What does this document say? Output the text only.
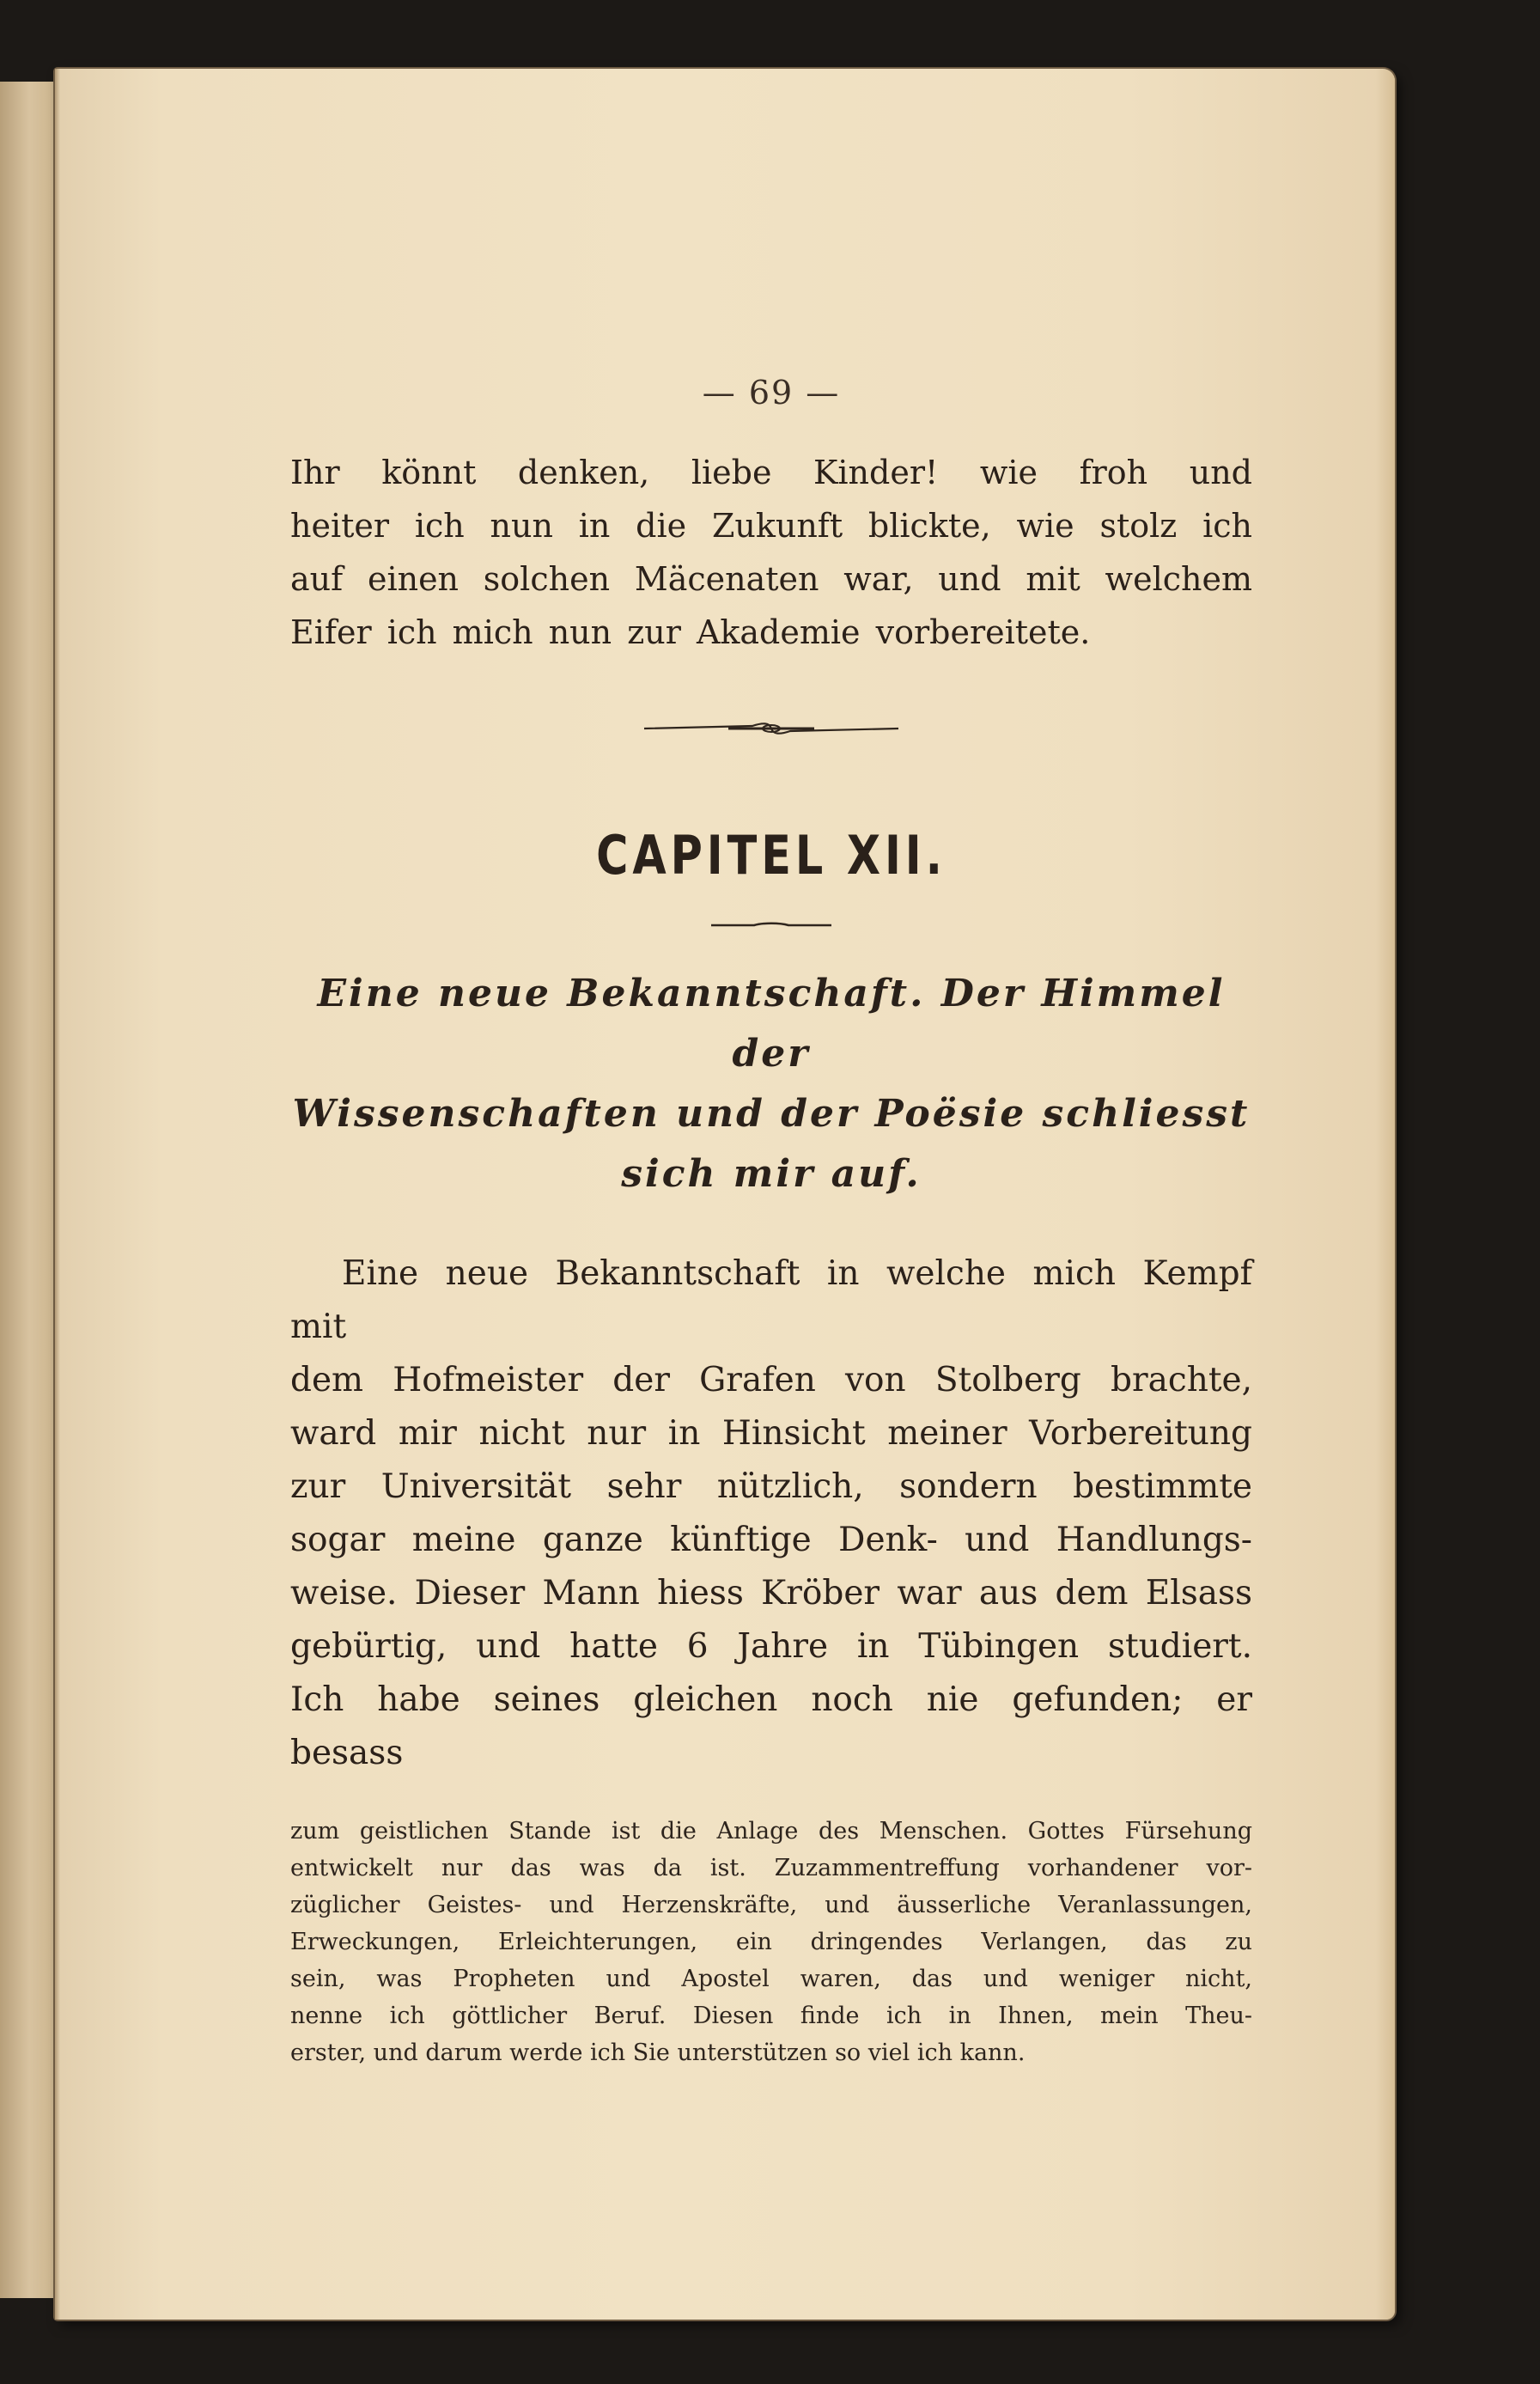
— 69 —

Ihr könnt denken, liebe Kinder! wie froh und
heiter ich nun in die Zukunft blickte, wie stolz ich
auf einen solchen Mäcenaten war, und mit welchem
Eifer ich mich nun zur Akademie vorbereitete.

CAPITEL XII.
Eine neue Bekanntschaft. Der Himmel der
Wissenschaften und der Poësie schliesst
sich mir auf.

Eine neue Bekanntschaft in welche mich Kempf mit
dem Hofmeister der Grafen von Stolberg brachte,
ward mir nicht nur in Hinsicht meiner Vorbereitung
zur Universität sehr nützlich, sondern bestimmte
sogar meine ganze künftige Denk- und Handlungs-
weise. Dieser Mann hiess Kröber war aus dem Elsass
gebürtig, und hatte 6 Jahre in Tübingen studiert.
Ich habe seines gleichen noch nie gefunden; er besass

zum geistlichen Stande ist die Anlage des Menschen. Gottes Fürsehung
entwickelt nur das was da ist. Zuzammentreffung vorhandener vor-
züglicher Geistes- und Herzenskräfte, und äusserliche Veranlassungen,
Erweckungen, Erleichterungen, ein dringendes Verlangen, das zu
sein, was Propheten und Apostel waren, das und weniger nicht,
nenne ich göttlicher Beruf. Diesen finde ich in Ihnen, mein Theu-
erster, und darum werde ich Sie unterstützen so viel ich kann.
